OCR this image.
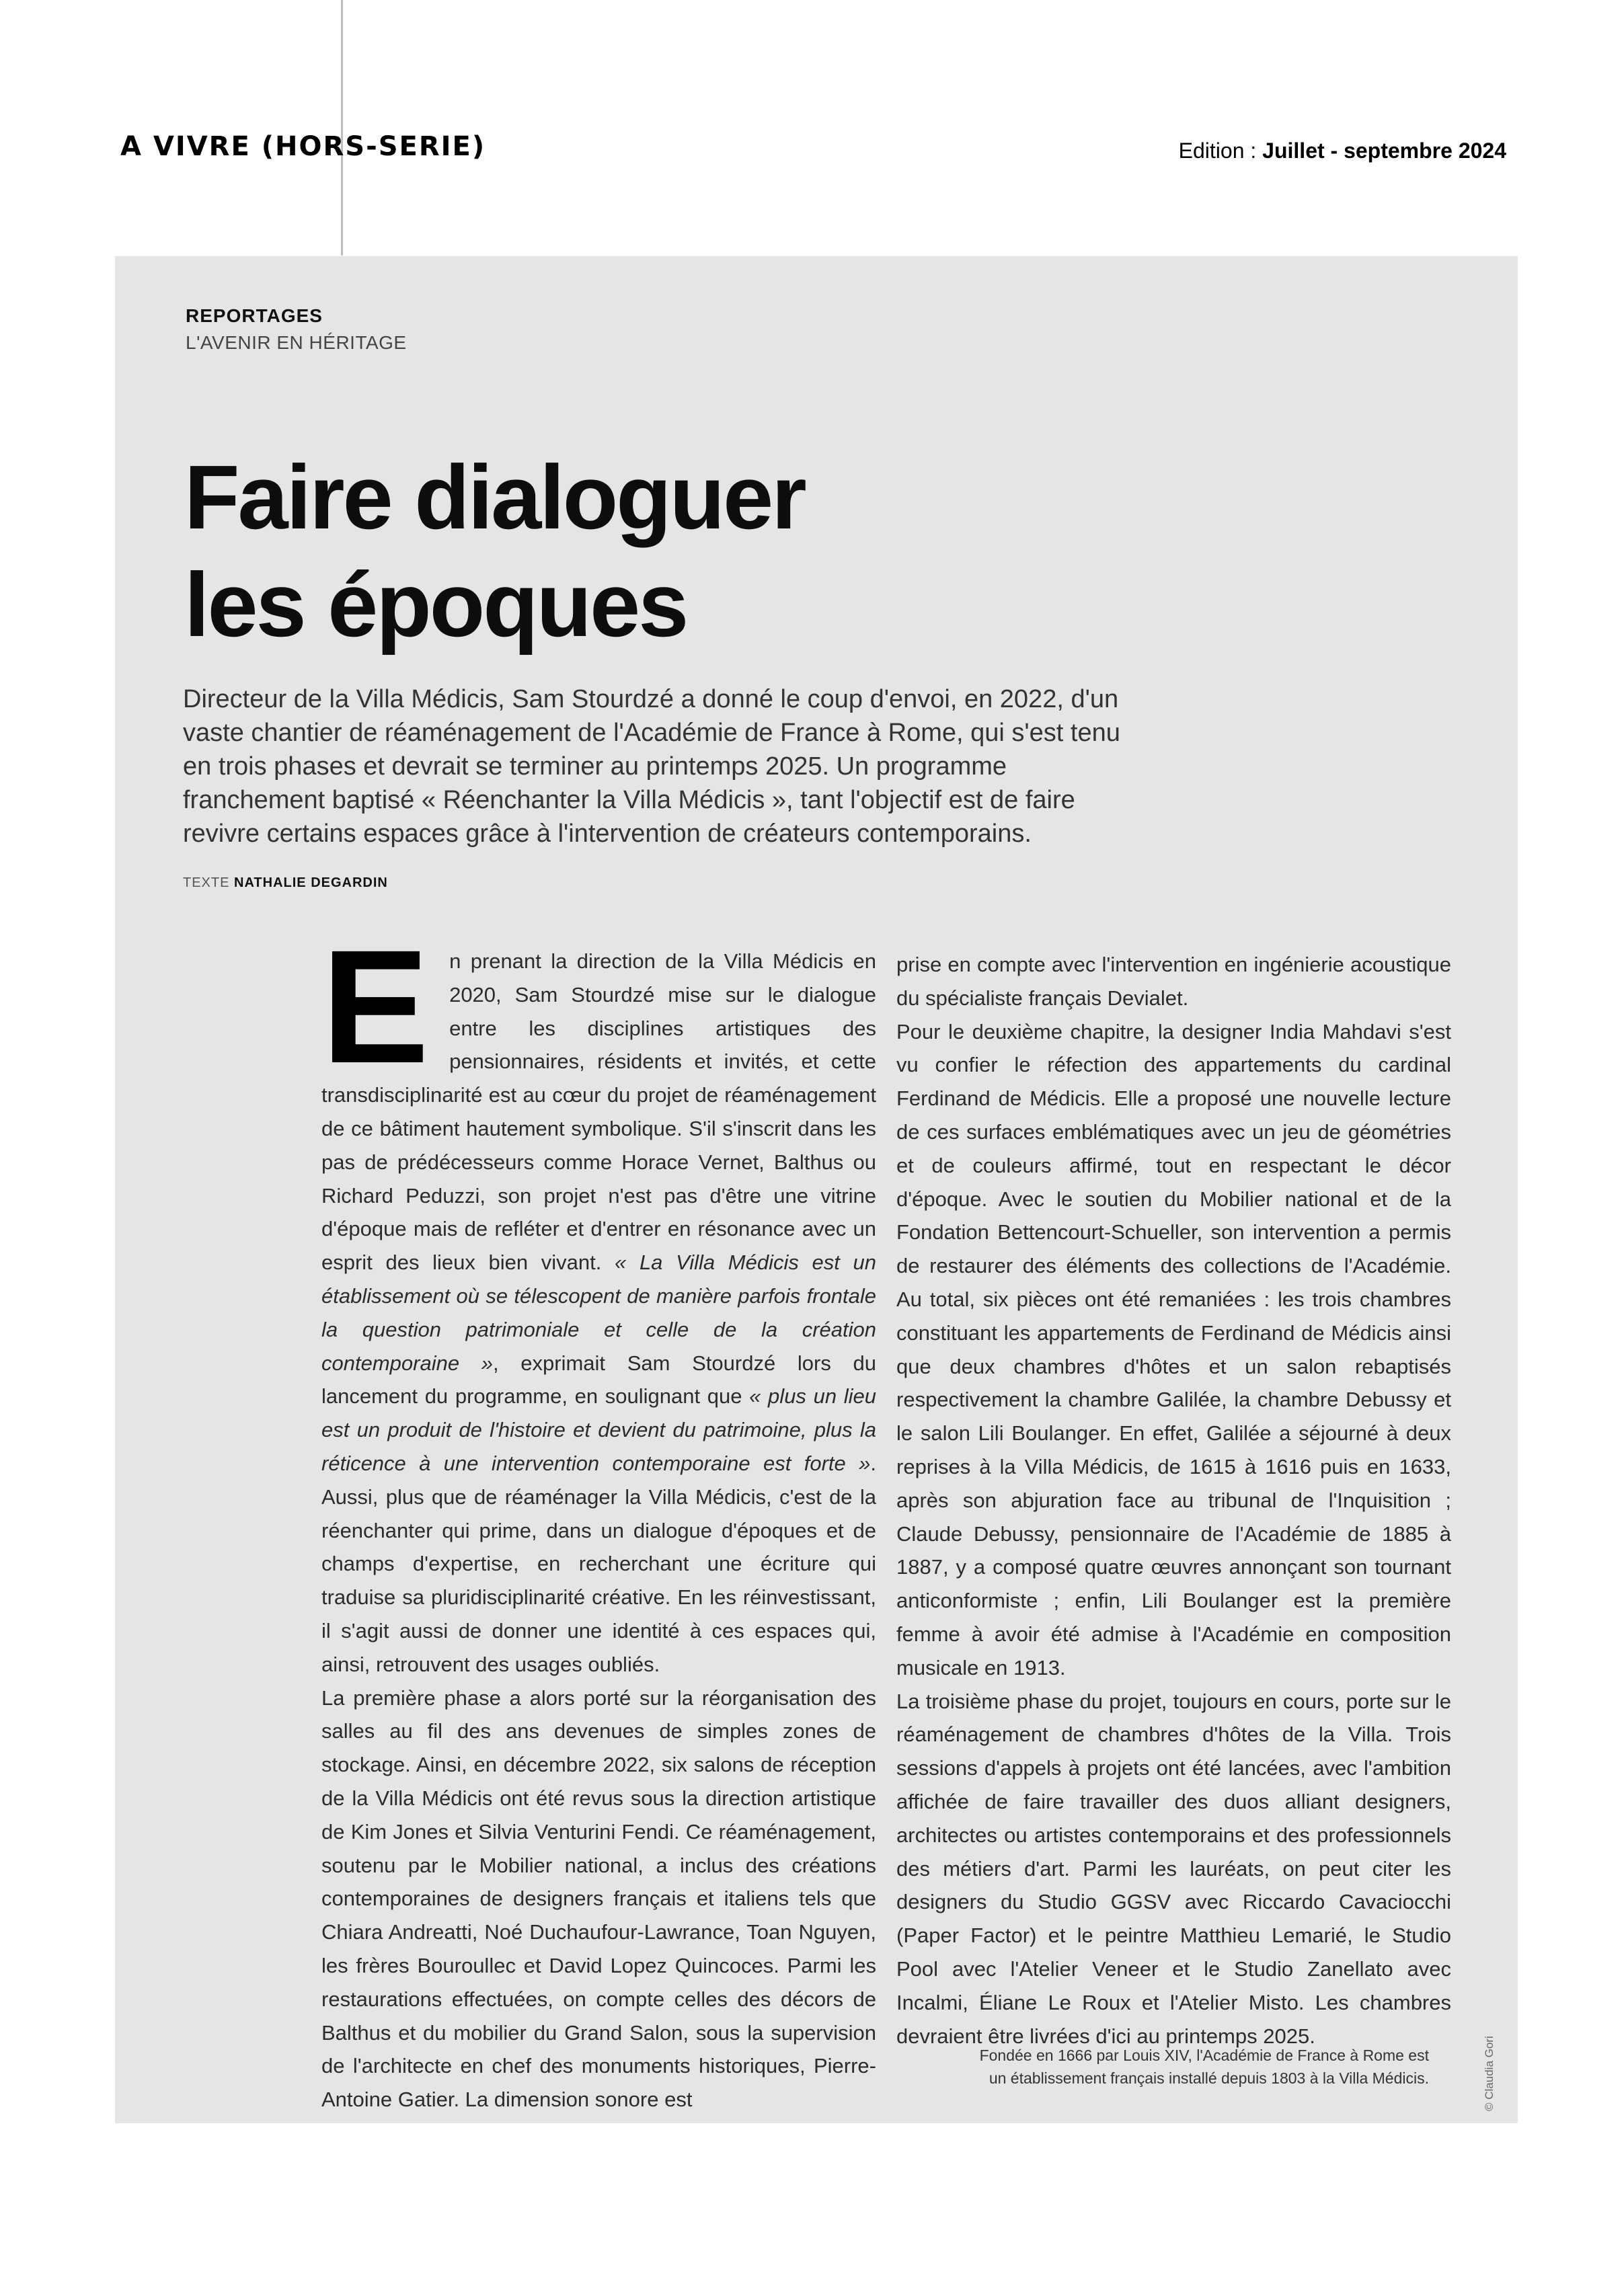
A VIVRE (HORS-SERIE)	Edition : Juillet - septembre 2024
REPORTAGES
L'AVENIR EN HÉRITAGE
Faire dialoguer
les époques
Directeur de la Villa Médicis, Sam Stourdzé a donné le coup d'envoi, en 2022, d'un vaste chantier de réaménagement de l'Académie de France à Rome, qui s'est tenu en trois phases et devrait se terminer au printemps 2025. Un programme franchement baptisé « Réenchanter la Villa Médicis », tant l'objectif est de faire revivre certains espaces grâce à l'intervention de créateurs contemporains.
TEXTE NATHALIE DEGARDIN

En prenant la direction de la Villa Médicis en 2020, Sam Stourdzé mise sur le dialogue entre les disciplines artistiques des pensionnaires, résidents et invités, et cette transdisciplinarité est au cœur du projet de réaménagement de ce bâtiment hautement symbolique. S'il s'inscrit dans les pas de prédécesseurs comme Horace Vernet, Balthus ou Richard Peduzzi, son projet n'est pas d'être une vitrine d'époque mais de refléter et d'entrer en résonance avec un esprit des lieux bien vivant. « La Villa Médicis est un établissement où se télescopent de manière parfois frontale la question patrimoniale et celle de la création contemporaine », exprimait Sam Stourdzé lors du lancement du programme, en soulignant que « plus un lieu est un produit de l'histoire et devient du patrimoine, plus la réticence à une intervention contemporaine est forte ». Aussi, plus que de réaménager la Villa Médicis, c'est de la réenchanter qui prime, dans un dialogue d'époques et de champs d'expertise, en recherchant une écriture qui traduise sa pluridisciplinarité créative. En les réinvestissant, il s'agit aussi de donner une identité à ces espaces qui, ainsi, retrouvent des usages oubliés.

La première phase a alors porté sur la réorganisation des salles au fil des ans devenues de simples zones de stockage. Ainsi, en décembre 2022, six salons de réception de la Villa Médicis ont été revus sous la direction artistique de Kim Jones et Silvia Venturini Fendi. Ce réaménagement, soutenu par le Mobilier national, a inclus des créations contemporaines de designers français et italiens tels que Chiara Andreatti, Noé Duchaufour-Lawrance, Toan Nguyen, les frères Bouroullec et David Lopez Quincoces. Parmi les restaurations effectuées, on compte celles des décors de Balthus et du mobilier du Grand Salon, sous la supervision de l'architecte en chef des monuments historiques, Pierre-Antoine Gatier. La dimension sonore est

prise en compte avec l'intervention en ingénierie acoustique du spécialiste français Devialet.

Pour le deuxième chapitre, la designer India Mahdavi s'est vu confier le réfection des appartements du cardinal Ferdinand de Médicis. Elle a proposé une nouvelle lecture de ces surfaces emblématiques avec un jeu de géométries et de couleurs affirmé, tout en respectant le décor d'époque. Avec le soutien du Mobilier national et de la Fondation Bettencourt-Schueller, son intervention a permis de restaurer des éléments des collections de l'Académie. Au total, six pièces ont été remaniées : les trois chambres constituant les appartements de Ferdinand de Médicis ainsi que deux chambres d'hôtes et un salon rebaptisés respectivement la chambre Galilée, la chambre Debussy et le salon Lili Boulanger. En effet, Galilée a séjourné à deux reprises à la Villa Médicis, de 1615 à 1616 puis en 1633, après son abjuration face au tribunal de l'Inquisition ; Claude Debussy, pensionnaire de l'Académie de 1885 à 1887, y a composé quatre œuvres annonçant son tournant anticonformiste ; enfin, Lili Boulanger est la première femme à avoir été admise à l'Académie en composition musicale en 1913.

La troisième phase du projet, toujours en cours, porte sur le réaménagement de chambres d'hôtes de la Villa. Trois sessions d'appels à projets ont été lancées, avec l'ambition affichée de faire travailler des duos alliant designers, architectes ou artistes contemporains et des professionnels des métiers d'art. Parmi les lauréats, on peut citer les designers du Studio GGSV avec Riccardo Cavaciocchi (Paper Factor) et le peintre Matthieu Lemarié, le Studio Pool avec l'Atelier Veneer et le Studio Zanellato avec Incalmi, Éliane Le Roux et l'Atelier Misto. Les chambres devraient être livrées d'ici au printemps 2025.

Fondée en 1666 par Louis XIV, l'Académie de France à Rome est
un établissement français installé depuis 1803 à la Villa Médicis.	© Claudia Gori
